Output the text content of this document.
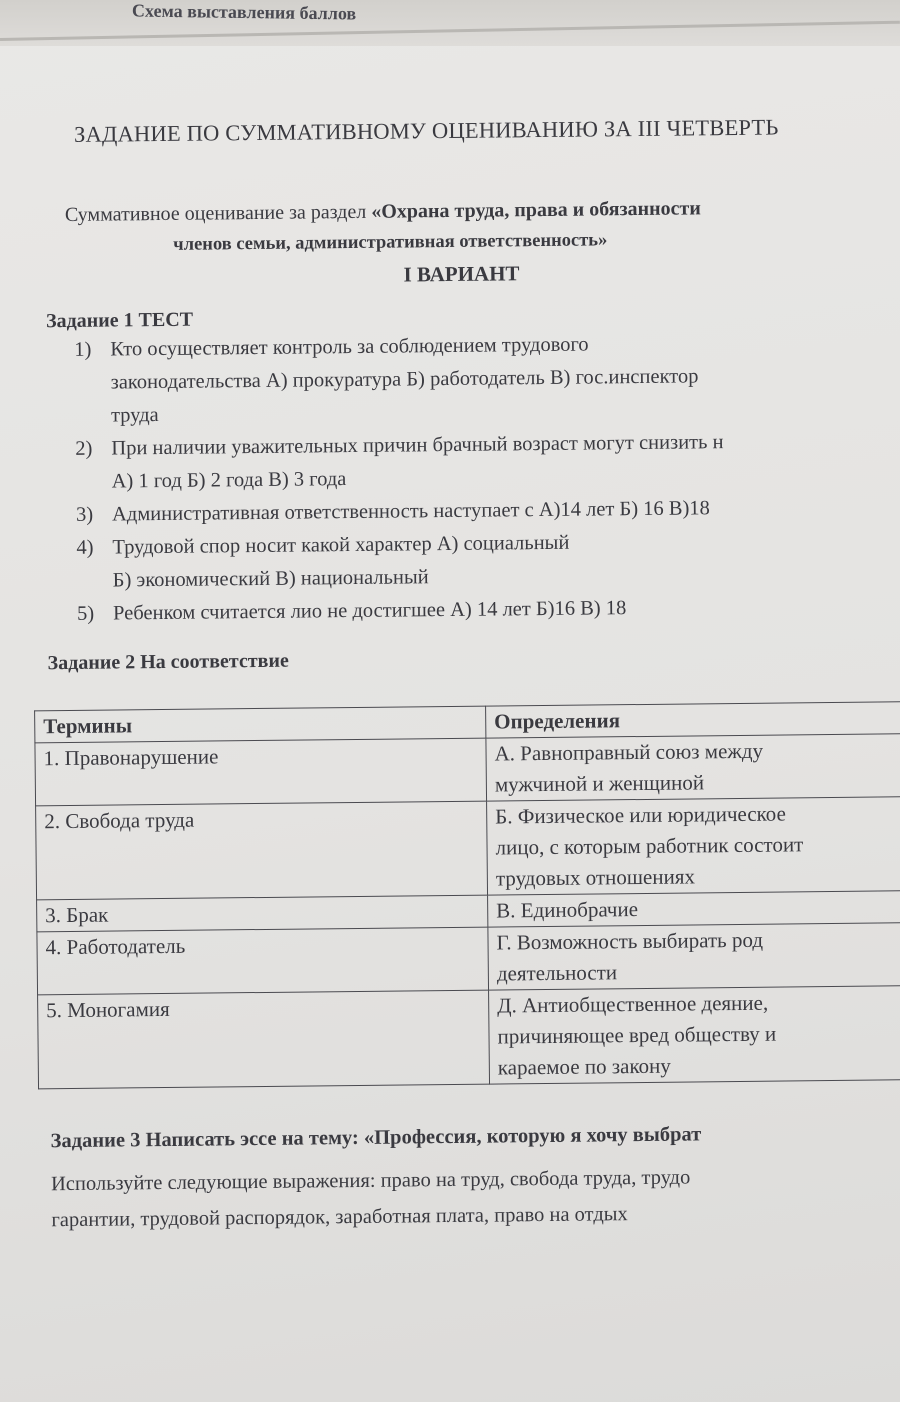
Схема выставления баллов
ЗАДАНИЕ ПО СУММАТИВНОМУ ОЦЕНИВАНИЮ ЗА III ЧЕТВЕРТЬ
Суммативное оценивание за раздел «Охрана труда, права и обязанности
членов семьи, административная ответственность»
I ВАРИАНТ
Задание 1 ТЕСТ
1) Кто осуществляет контроль за соблюдением трудового
законодательства А) прокуратура Б) работодатель В) гос.инспектор
труда
2) При наличии уважительных причин брачный возраст могут снизить н
А) 1 год Б) 2 года В) 3 года
3) Административная ответственность наступает с А)14 лет Б) 16 В)18
4) Трудовой спор носит какой характер А) социальный
Б) экономический В) национальный
5) Ребенком считается лио не достигшее А) 14 лет Б)16 В) 18
Задание 2 На соответствие
Термины	Определения
1. Правонарушение	А. Равноправный союз между
мужчиной и женщиной

2. Свобода труда	Б. Физическое или юридическое
лицо, с которым работник состоит
трудовых отношениях

3. Брак	В. Единобрачие

4. Работодатель	Г. Возможность выбирать род
деятельности

5. Моногамия	Д. Антиобщественное деяние,
причиняющее вред обществу и
караемое по закону
Задание 3 Написать эссе на тему: «Профессия, которую я хочу выбрат
Используйте следующие выражения: право на труд, свобода труда, трудо
гарантии, трудовой распорядок, заработная плата, право на отдых
